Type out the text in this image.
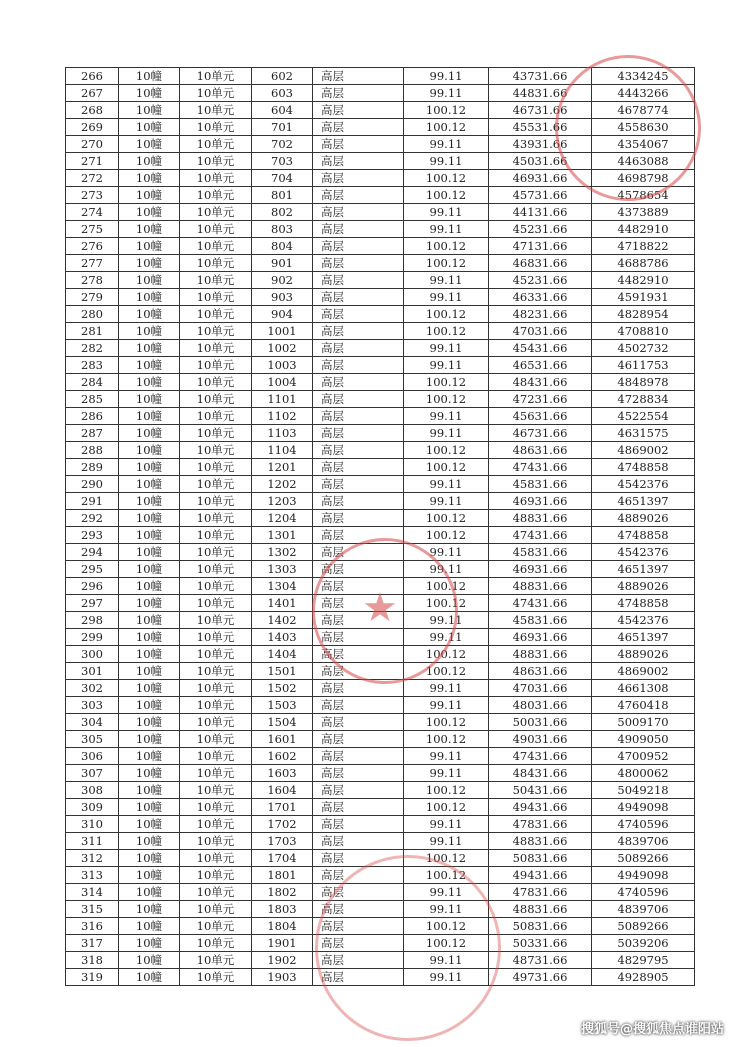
266	10幢	10单元	602	高层	99.11	43731.66	4334245
267	10幢	10单元	603	高层	99.11	44831.66	4443266
268	10幢	10单元	604	高层	100.12	46731.66	4678774
269	10幢	10单元	701	高层	100.12	45531.66	4558630
270	10幢	10单元	702	高层	99.11	43931.66	4354067
271	10幢	10单元	703	高层	99.11	45031.66	4463088
272	10幢	10单元	704	高层	100.12	46931.66	4698798
273	10幢	10单元	801	高层	100.12	45731.66	4578654
274	10幢	10单元	802	高层	99.11	44131.66	4373889
275	10幢	10单元	803	高层	99.11	45231.66	4482910
276	10幢	10单元	804	高层	100.12	47131.66	4718822
277	10幢	10单元	901	高层	100.12	46831.66	4688786
278	10幢	10单元	902	高层	99.11	45231.66	4482910
279	10幢	10单元	903	高层	99.11	46331.66	4591931
280	10幢	10单元	904	高层	100.12	48231.66	4828954
281	10幢	10单元	1001	高层	100.12	47031.66	4708810
282	10幢	10单元	1002	高层	99.11	45431.66	4502732
283	10幢	10单元	1003	高层	99.11	46531.66	4611753
284	10幢	10单元	1004	高层	100.12	48431.66	4848978
285	10幢	10单元	1101	高层	100.12	47231.66	4728834
286	10幢	10单元	1102	高层	99.11	45631.66	4522554
287	10幢	10单元	1103	高层	99.11	46731.66	4631575
288	10幢	10单元	1104	高层	100.12	48631.66	4869002
289	10幢	10单元	1201	高层	100.12	47431.66	4748858
290	10幢	10单元	1202	高层	99.11	45831.66	4542376
291	10幢	10单元	1203	高层	99.11	46931.66	4651397
292	10幢	10单元	1204	高层	100.12	48831.66	4889026
293	10幢	10单元	1301	高层	100.12	47431.66	4748858
294	10幢	10单元	1302	高层	99.11	45831.66	4542376
295	10幢	10单元	1303	高层	99.11	46931.66	4651397
296	10幢	10单元	1304	高层	100.12	48831.66	4889026
297	10幢	10单元	1401	高层	100.12	47431.66	4748858
298	10幢	10单元	1402	高层	99.11	45831.66	4542376
299	10幢	10单元	1403	高层	99.11	46931.66	4651397
300	10幢	10单元	1404	高层	100.12	48831.66	4889026
301	10幢	10单元	1501	高层	100.12	48631.66	4869002
302	10幢	10单元	1502	高层	99.11	47031.66	4661308
303	10幢	10单元	1503	高层	99.11	48031.66	4760418
304	10幢	10单元	1504	高层	100.12	50031.66	5009170
305	10幢	10单元	1601	高层	100.12	49031.66	4909050
306	10幢	10单元	1602	高层	99.11	47431.66	4700952
307	10幢	10单元	1603	高层	99.11	48431.66	4800062
308	10幢	10单元	1604	高层	100.12	50431.66	5049218
309	10幢	10单元	1701	高层	100.12	49431.66	4949098
310	10幢	10单元	1702	高层	99.11	47831.66	4740596
311	10幢	10单元	1703	高层	99.11	48831.66	4839706
312	10幢	10单元	1704	高层	100.12	50831.66	5089266
313	10幢	10单元	1801	高层	100.12	49431.66	4949098
314	10幢	10单元	1802	高层	99.11	47831.66	4740596
315	10幢	10单元	1803	高层	99.11	48831.66	4839706
316	10幢	10单元	1804	高层	100.12	50831.66	5089266
317	10幢	10单元	1901	高层	100.12	50331.66	5039206
318	10幢	10单元	1902	高层	99.11	48731.66	4829795
319	10幢	10单元	1903	高层	99.11	49731.66	4928905
★
搜狐号@搜狐焦点谁阳站
